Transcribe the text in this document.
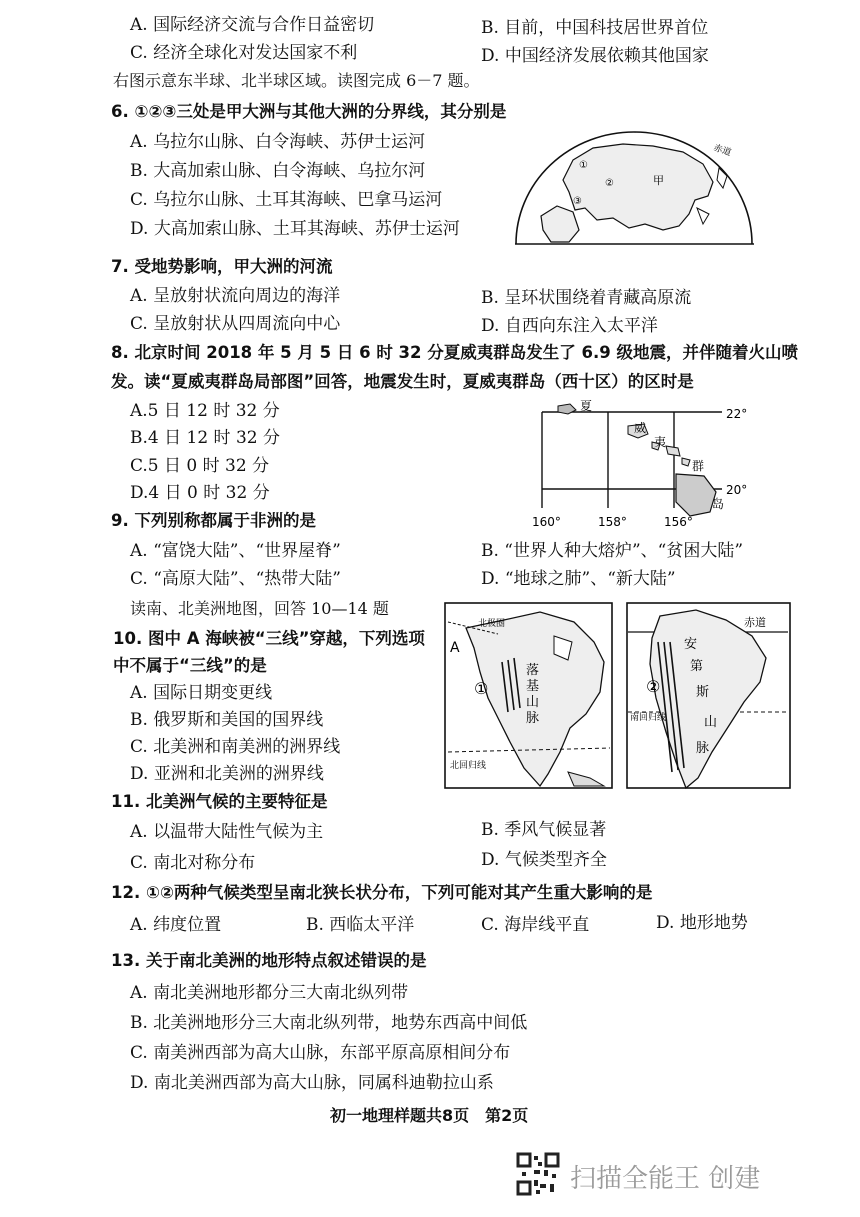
A. 国际经济交流与合作日益密切	B. 目前，中国科技居世界首位
C. 经济全球化对发达国家不利	D. 中国经济发展依赖其他国家
右图示意东半球、北半球区域。读图完成 6－7 题。
6. ①②③三处是甲大洲与其他大洲的分界线，其分别是
A. 乌拉尔山脉、白令海峡、苏伊士运河
B. 大高加索山脉、白令海峡、乌拉尔河
C. 乌拉尔山脉、土耳其海峡、巴拿马运河
D. 大高加索山脉、土耳其海峡、苏伊士运河
甲
赤道
①
②
③
7. 受地势影响，甲大洲的河流
A. 呈放射状流向周边的海洋	B. 呈环状围绕着青藏高原流
C. 呈放射状从四周流向中心	D. 自西向东注入太平洋
8. 北京时间 2018 年 5 月 5 日 6 时 32 分夏威夷群岛发生了 6.9 级地震，并伴随着火山喷
发。读“夏威夷群岛局部图”回答，地震发生时，夏威夷群岛（西十区）的区时是
A.5 日 12 时 32 分
B.4 日 12 时 32 分
C.5 日 0 时 32 分
D.4 日 0 时 32 分
夏
威
夷
群
岛
22°
20°
160°	158°	156°
9. 下列别称都属于非洲的是
A. “富饶大陆”、“世界屋脊”	B. “世界人种大熔炉”、“贫困大陆”
C. “高原大陆”、“热带大陆”	D. “地球之肺”、“新大陆”
读南、北美洲地图，回答 10—14 题
10. 图中 A 海峡被“三线”穿越，下列选项
中不属于“三线”的是
A. 国际日期变更线
B. 俄罗斯和美国的国界线
C. 北美洲和南美洲的洲界线
D. 亚洲和北美洲的洲界线
北极圈
A
①
落
基
山
脉
北回归线
赤道
②
安
第
斯
山
脉
南回归线
11. 北美洲气候的主要特征是
A. 以温带大陆性气候为主	B. 季风气候显著
C. 南北对称分布	D. 气候类型齐全
12. ①②两种气候类型呈南北狭长状分布，下列可能对其产生重大影响的是
A. 纬度位置	B. 西临太平洋	C. 海岸线平直	D. 地形地势
13. 关于南北美洲的地形特点叙述错误的是
A. 南北美洲地形都分三大南北纵列带
B. 北美洲地形分三大南北纵列带，地势东西高中间低
C. 南美洲西部为高大山脉，东部平原高原相间分布
D. 南北美洲西部为高大山脉，同属科迪勒拉山系
初一地理样题共8页　第2页
扫描全能王 创建
